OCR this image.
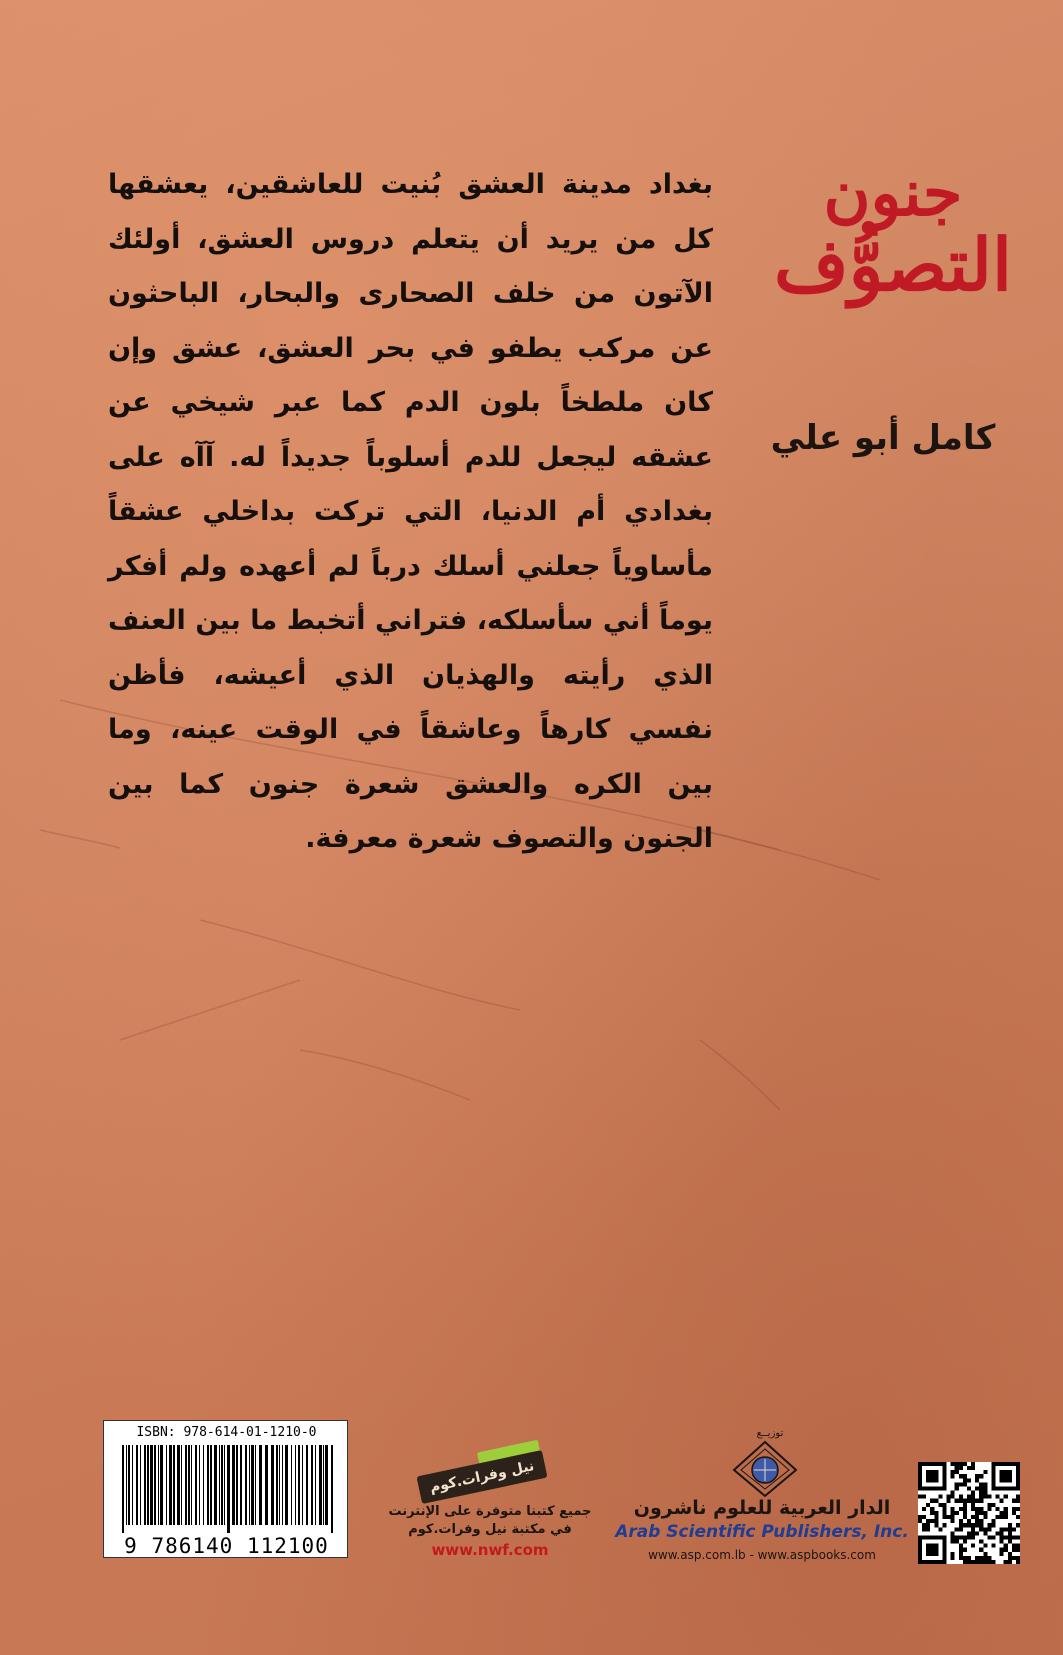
جنون
التصوُّف
كامل أبو علي

بغداد مدينة العشق بُنيت للعاشقين، يعشقها كل من يريد أن يتعلم دروس العشق، أولئك الآتون من خلف الصحارى والبحار، الباحثون عن مركب يطفو في بحر العشق، عشق وإن كان ملطخاً بلون الدم كما عبر شيخي عن عشقه ليجعل للدم أسلوباً جديداً له. آآه على بغدادي أم الدنيا، التي تركت بداخلي عشقاً مأساوياً جعلني أسلك درباً لم أعهده ولم أفكر يوماً أني سأسلكه، فتراني أتخبط ما بين العنف الذي رأيته والهذيان الذي أعيشه، فأظن نفسي كارهاً وعاشقاً في الوقت عينه، وما بين الكره والعشق شعرة جنون كما بين الجنون والتصوف شعرة معرفة.

ISBN: 978-614-01-1210-0
9 786140 112100
نيل وفرات.كوم
جميع كتبنا متوفرة على الإنترنت
في مكتبة نيل وفرات.كوم
www.nwf.com
توزيــع
الدار العربية للعلوم ناشرون
Arab Scientific Publishers, Inc.
www.asp.com.lb - www.aspbooks.com
